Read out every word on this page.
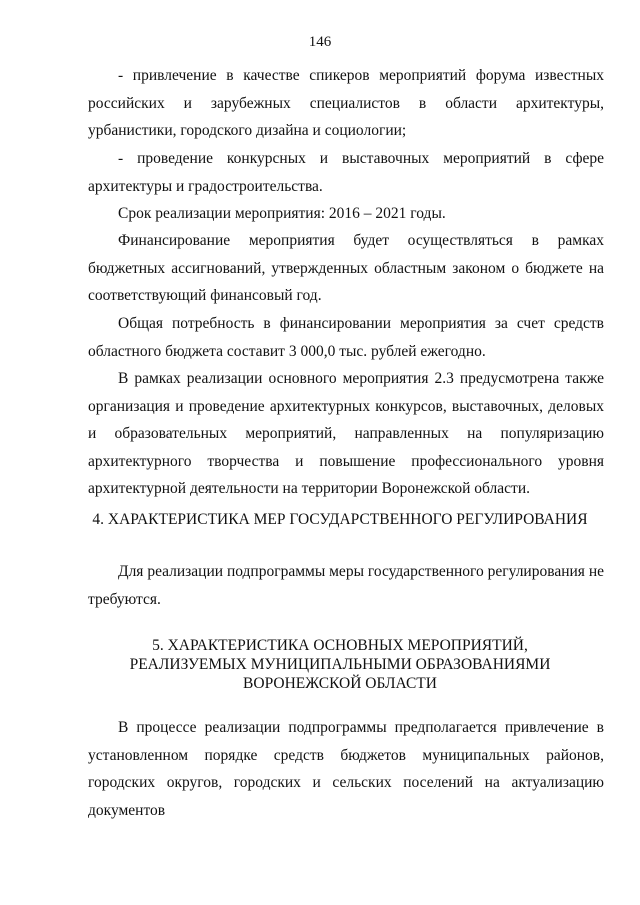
146

- привлечение в качестве спикеров мероприятий форума известных российских и зарубежных специалистов в области архитектуры, урбанистики, городского дизайна и социологии;

- проведение конкурсных и выставочных мероприятий в сфере архитектуры и градостроительства.

Срок реализации мероприятия: 2016 – 2021 годы.

Финансирование мероприятия будет осуществляться в рамках бюджетных ассигнований, утвержденных областным законом о бюджете на соответствующий финансовый год.

Общая потребность в финансировании мероприятия за счет средств областного бюджета составит 3 000,0 тыс. рублей ежегодно.

В рамках реализации основного мероприятия 2.3 предусмотрена также организация и проведение архитектурных конкурсов, выставочных, деловых и образовательных мероприятий, направленных на популяризацию архитектурного творчества и повышение профессионального уровня архитектурной деятельности на территории Воронежской области.

4. ХАРАКТЕРИСТИКА МЕР ГОСУДАРСТВЕННОГО РЕГУЛИРОВАНИЯ

Для реализации подпрограммы меры государственного регулирования не требуются.

5. ХАРАКТЕРИСТИКА ОСНОВНЫХ МЕРОПРИЯТИЙ,
РЕАЛИЗУЕМЫХ МУНИЦИПАЛЬНЫМИ ОБРАЗОВАНИЯМИ
ВОРОНЕЖСКОЙ ОБЛАСТИ

В процессе реализации подпрограммы предполагается привлечение в установленном порядке средств бюджетов муниципальных районов, городских округов, городских и сельских поселений на актуализацию документов
